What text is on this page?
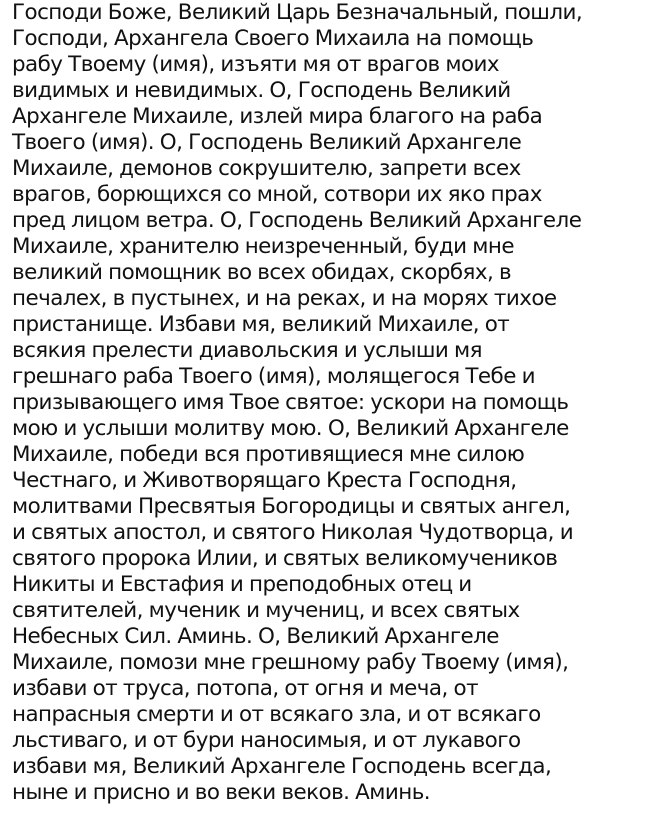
Господи Боже, Великий Царь Безначальный, пошли,
Господи, Архангела Своего Михаила на помощь
рабу Твоему (имя), изъяти мя от врагов моих
видимых и невидимых. О, Господень Великий
Архангеле Михаиле, излей мира благого на раба
Твоего (имя). О, Господень Великий Архангеле
Михаиле, демонов сокрушителю, запрети всех
врагов, борющихся со мной, сотвори их яко прах
пред лицом ветра. О, Господень Великий Архангеле
Михаиле, хранителю неизреченный, буди мне
великий помощник во всех обидах, скорбях, в
печалех, в пустынех, и на реках, и на морях тихое
пристанище. Избави мя, великий Михаиле, от
всякия прелести диавольския и услыши мя
грешнаго раба Твоего (имя), молящегося Тебе и
призывающего имя Твое святое: ускори на помощь
мою и услыши молитву мою. О, Великий Архангеле
Михаиле, победи вся противящиеся мне силою
Честнаго, и Животворящаго Креста Господня,
молитвами Пресвятыя Богородицы и святых ангел,
и святых апостол, и святого Николая Чудотворца, и
святого пророка Илии, и святых великомучеников
Никиты и Евстафия и преподобных отец и
святителей, мученик и мучениц, и всех святых
Небесных Сил. Аминь. О, Великий Архангеле
Михаиле, помози мне грешному рабу Твоему (имя),
избави от труса, потопа, от огня и меча, от
напрасныя смерти и от всякаго зла, и от всякаго
льстиваго, и от бури наносимыя, и от лукавого
избави мя, Великий Архангеле Господень всегда,
ныне и присно и во веки веков. Аминь.
